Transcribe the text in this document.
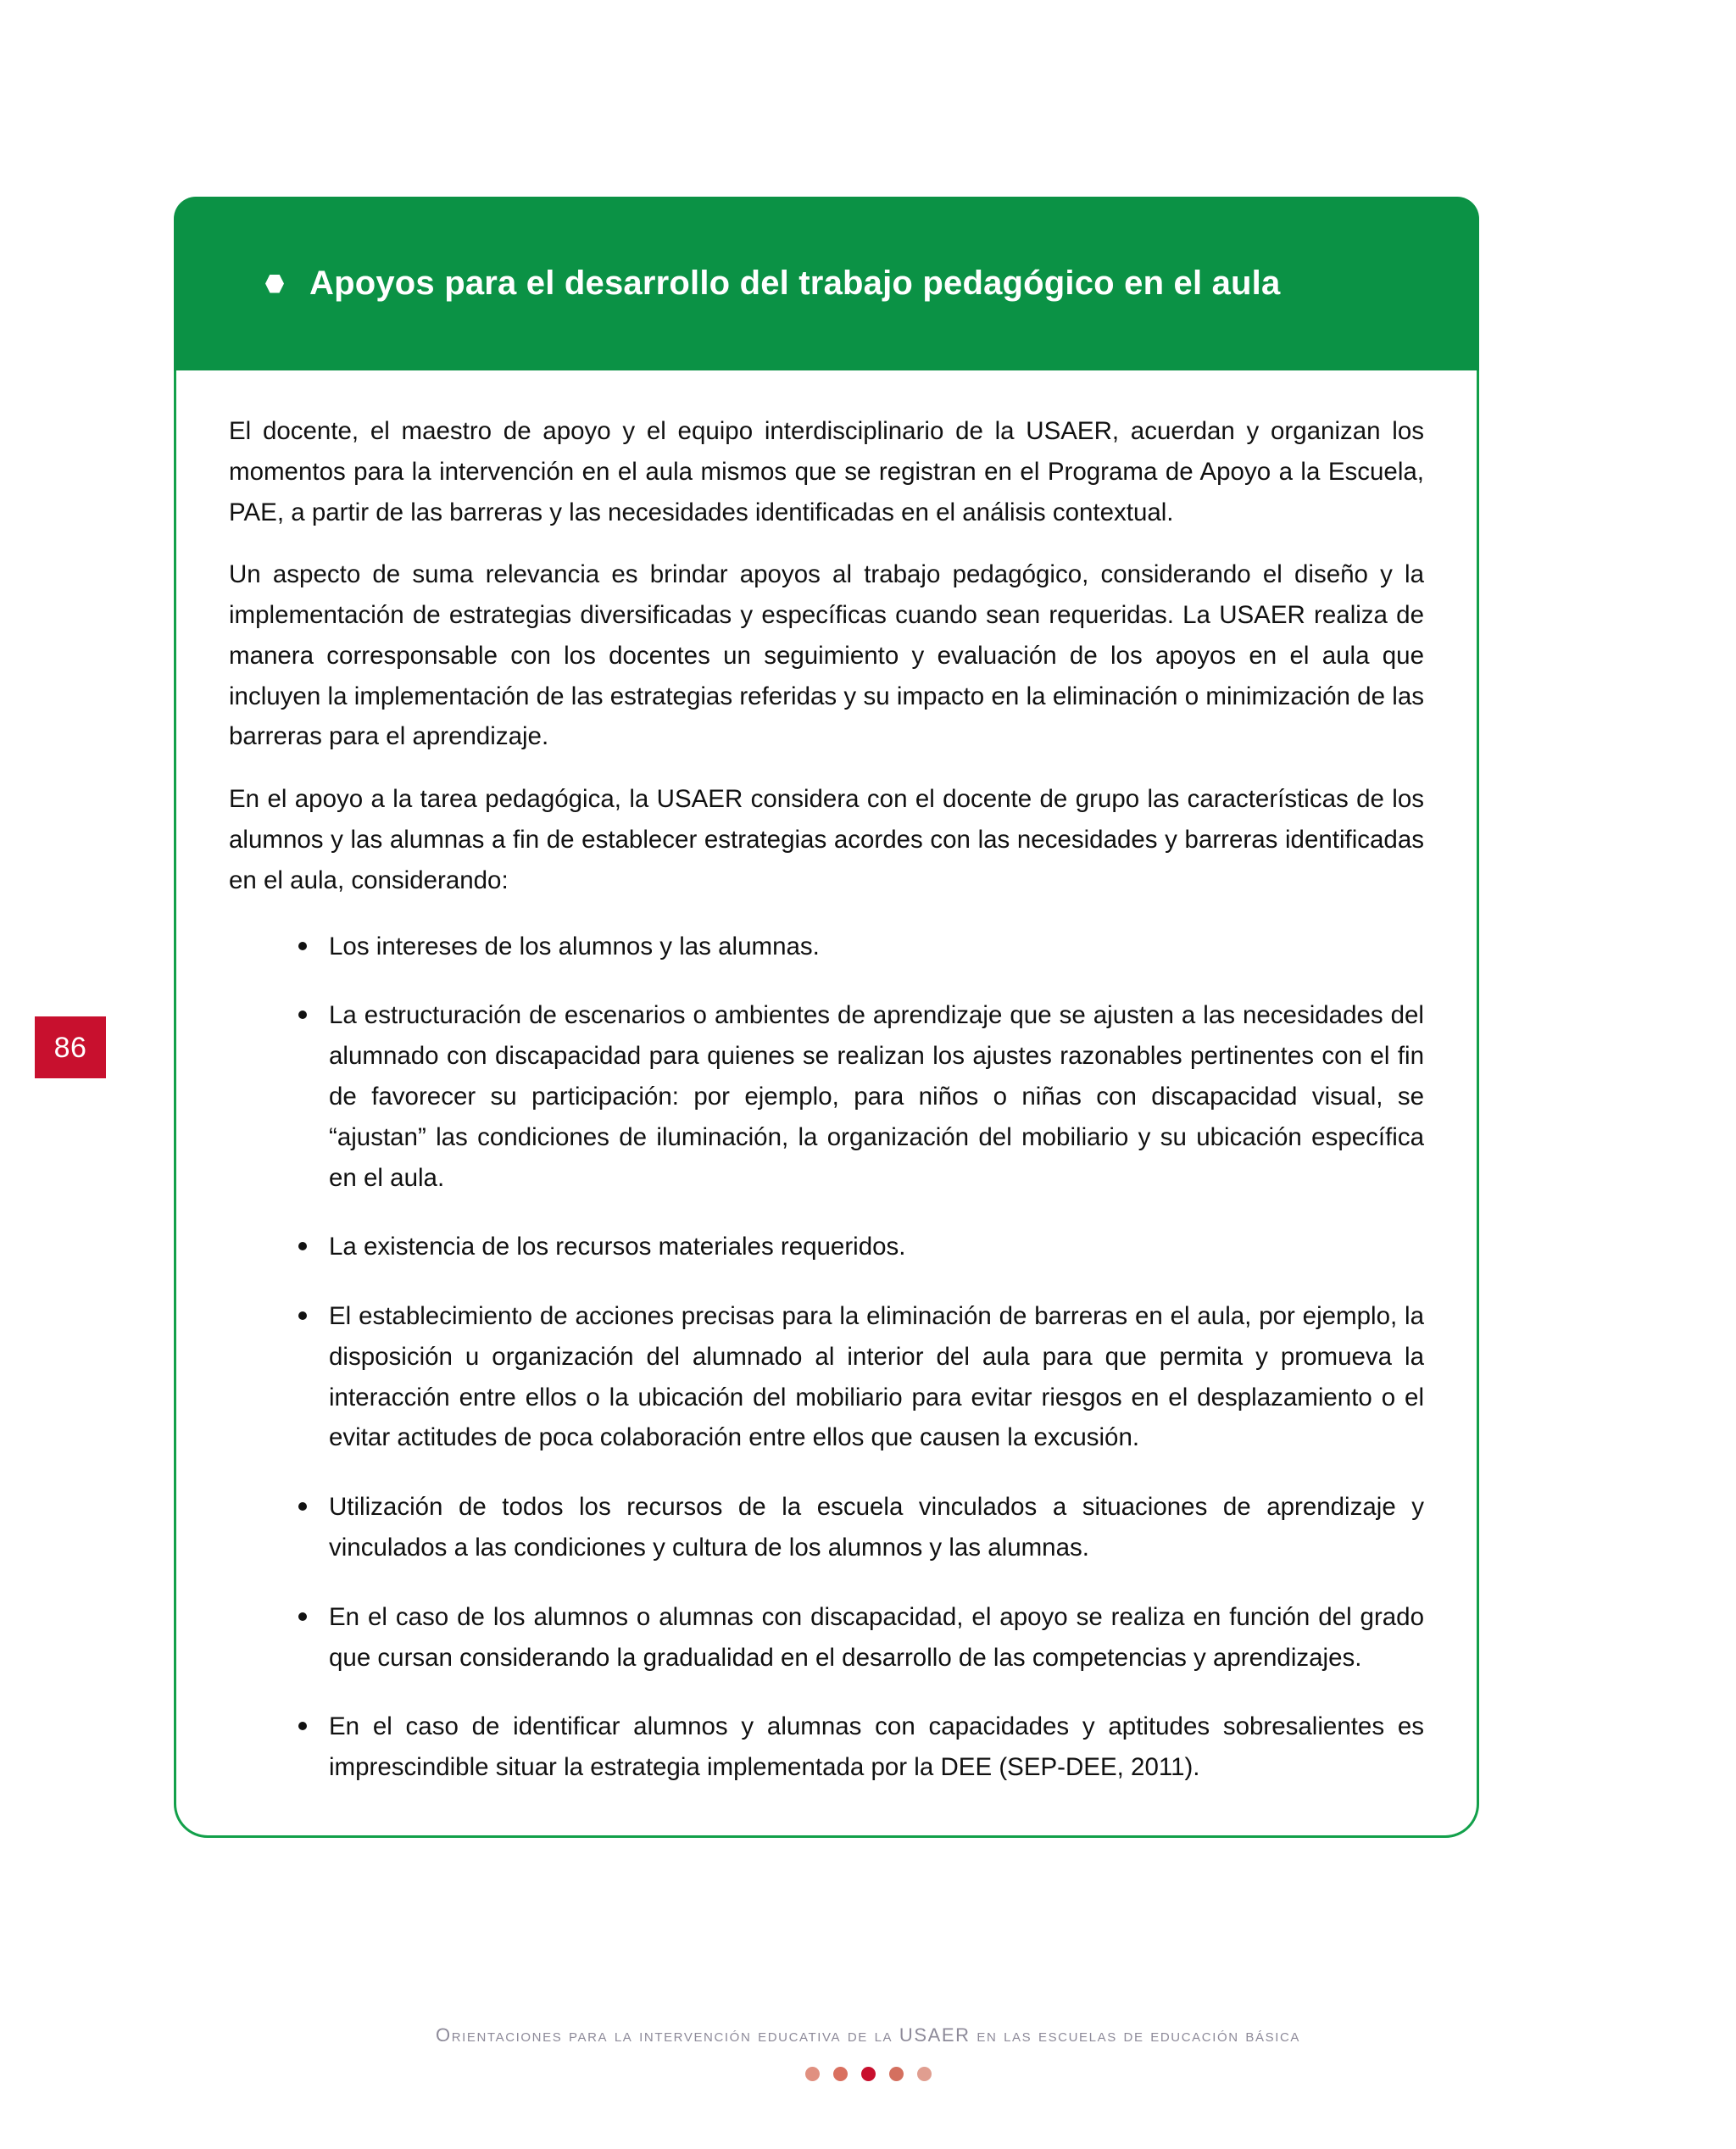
86
Apoyos para el desarrollo del trabajo pedagógico en el aula

El docente, el maestro de apoyo y el equipo interdisciplinario de la USAER, acuerdan y organizan los momentos para la intervención en el aula mismos que se registran en el Programa de Apoyo a la Escuela, PAE, a partir de las barreras y las necesidades identificadas en el análisis contextual.

Un aspecto de suma relevancia es brindar apoyos al trabajo pedagógico, considerando el diseño y la implementación de estrategias diversificadas y específicas cuando sean requeridas. La USAER realiza de manera corresponsable con los docentes un seguimiento y evaluación de los apoyos en el aula que incluyen la implementación de las estrategias referidas y su impacto en la eliminación o minimización de las barreras para el aprendizaje.

En el apoyo a la tarea pedagógica, la USAER considera con el docente de grupo las características de los alumnos y las alumnas a fin de establecer estrategias acordes con las necesidades y barreras identificadas en el aula, considerando:

Los intereses de los alumnos y las alumnas.
La estructuración de escenarios o ambientes de aprendizaje que se ajusten a las necesidades del alumnado con discapacidad para quienes se realizan los ajustes razonables pertinentes con el fin de favorecer su participación: por ejemplo, para niños o niñas con discapacidad visual, se “ajustan” las condiciones de iluminación, la organización del mobiliario y su ubicación específica en el aula.
La existencia de los recursos materiales requeridos.
El establecimiento de acciones precisas para la eliminación de barreras en el aula, por ejemplo, la disposición u organización del alumnado al interior del aula para que permita y promueva la interacción entre ellos o la ubicación del mobiliario para evitar riesgos en el desplazamiento o el evitar actitudes de poca colaboración entre ellos que causen la excusión.
Utilización de todos los recursos de la escuela vinculados a situaciones de aprendizaje y vinculados a las condiciones y cultura de los alumnos y las alumnas.
En el caso de los alumnos o alumnas con discapacidad, el apoyo se realiza en función del grado que cursan considerando la gradualidad en el desarrollo de las competencias y aprendizajes.
En el caso de identificar alumnos y alumnas con capacidades y aptitudes sobresalientes es imprescindible situar la estrategia implementada por la DEE (SEP-DEE, 2011).
Orientaciones para la intervención educativa de la USAER en las escuelas de educación básica
